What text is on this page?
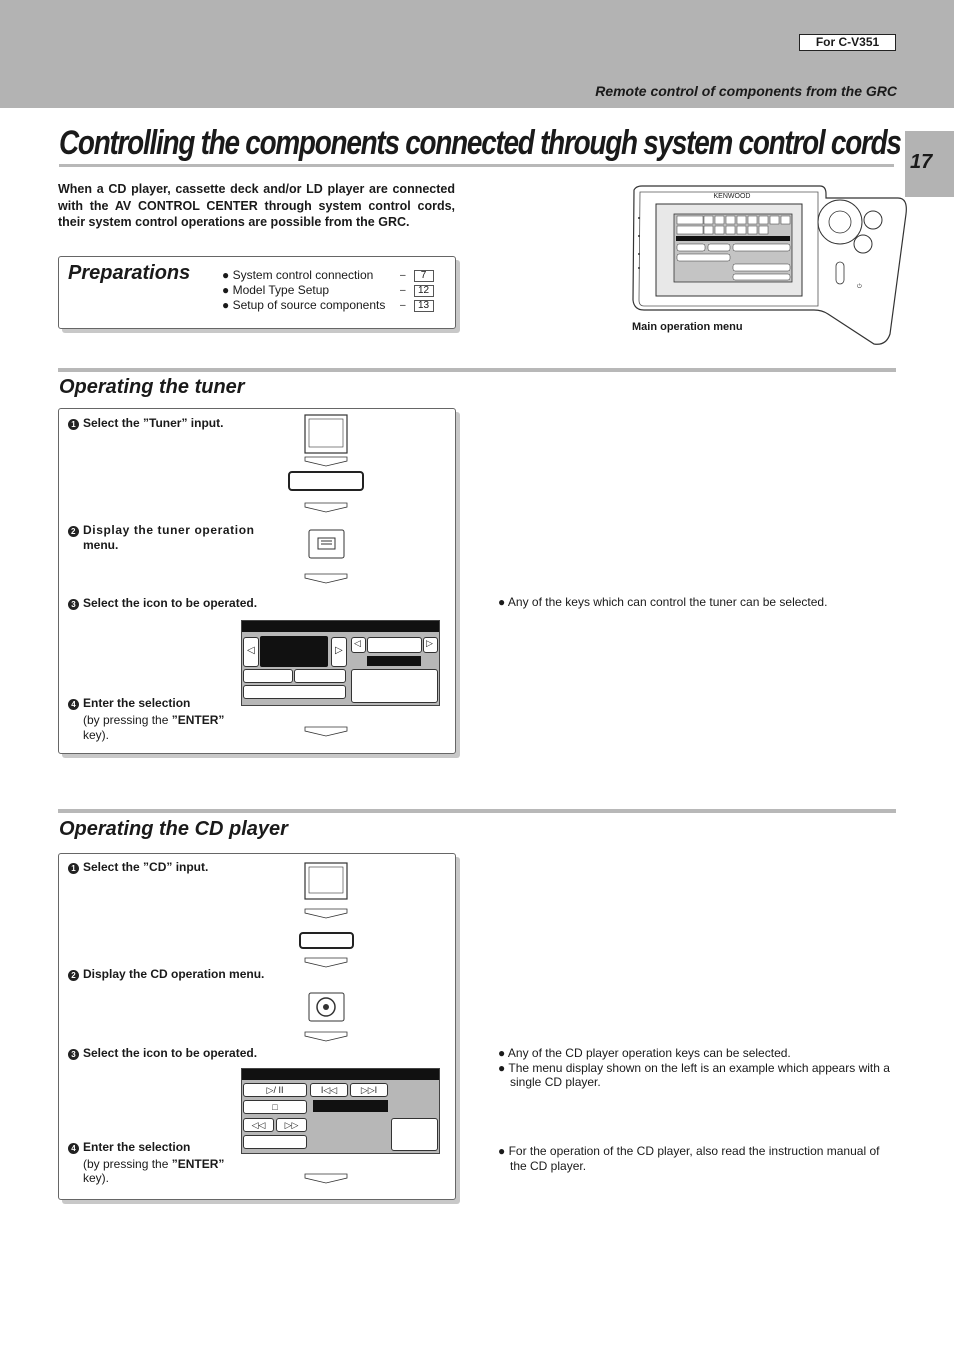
For C-V351
Remote control of components from the GRC
Controlling the components connected through system control cords 17
When a CD player, cassette deck and/or LD player are connected with the AV CONTROL CENTER through system control cords, their system control operations are possible from the GRC.
Preparations	● System control connection	– 7
● Model Type Setup	– 12
● Setup of source components – 13
KENWOOD
⏻
Main operation menu
Operating the tuner
1 Select the ”Tuner” input.
2 Display the tuner operation
menu.
3 Select the icon to be operated.
4 Enter the selection
(by pressing the ”ENTER”
key).
◁	▷
◁	▷
● Any of the keys which can control the tuner can be selected.
Operating the CD player
1 Select the ”CD” input.
2 Display the CD operation menu.
3 Select the icon to be operated.
4 Enter the selection
(by pressing the ”ENTER”
key).
▷/ II	I◁◁	▷▷I
□
◁◁	▷▷
● Any of the CD player operation keys can be selected.
● The menu display shown on the left is an example which appears with a single CD player.
● For the operation of the CD player, also read the instruction manual of the CD player.
